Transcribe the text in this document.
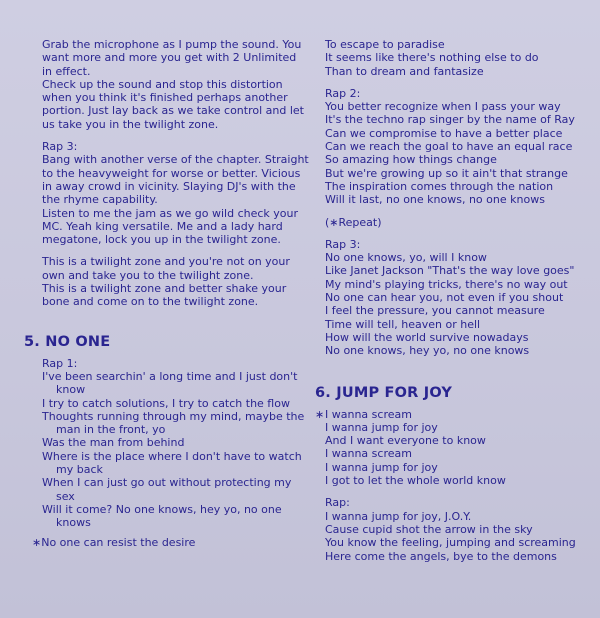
Grab the microphone as I pump the sound. You
want more and more you get with 2 Unlimited
in effect.
Check up the sound and stop this distortion
when you think it's finished perhaps another
portion. Just lay back as we take control and let
us take you in the twilight zone.
Rap 3:
Bang with another verse of the chapter. Straight
to the heavyweight for worse or better. Vicious
in away crowd in vicinity. Slaying DJ's with the
the rhyme capability.
Listen to me the jam as we go wild check your
MC. Yeah king versatile. Me and a lady hard
megatone, lock you up in the twilight zone.
This is a twilight zone and you're not on your
own and take you to the twilight zone.
This is a twilight zone and better shake your
bone and come on to the twilight zone.
5. NO ONE
Rap 1:
I've been searchin' a long time and I just don't
know
I try to catch solutions, I try to catch the flow
Thoughts running through my mind, maybe the
man in the front, yo
Was the man from behind
Where is the place where I don't have to watch
my back
When I can just go out without protecting my
sex
Will it come? No one knows, hey yo, no one
knows
∗No one can resist the desire
To escape to paradise
It seems like there's nothing else to do
Than to dream and fantasize
Rap 2:
You better recognize when I pass your way
It's the techno rap singer by the name of Ray
Can we compromise to have a better place
Can we reach the goal to have an equal race
So amazing how things change
But we're growing up so it ain't that strange
The inspiration comes through the nation
Will it last, no one knows, no one knows
(∗Repeat)
Rap 3:
No one knows, yo, will I know
Like Janet Jackson "That's the way love goes"
My mind's playing tricks, there's no way out
No one can hear you, not even if you shout
I feel the pressure, you cannot measure
Time will tell, heaven or hell
How will the world survive nowadays
No one knows, hey yo, no one knows
6. JUMP FOR JOY
∗I wanna scream
I wanna jump for joy
And I want everyone to know
I wanna scream
I wanna jump for joy
I got to let the whole world know
Rap:
I wanna jump for joy, J.O.Y.
Cause cupid shot the arrow in the sky
You know the feeling, jumping and screaming
Here come the angels, bye to the demons
